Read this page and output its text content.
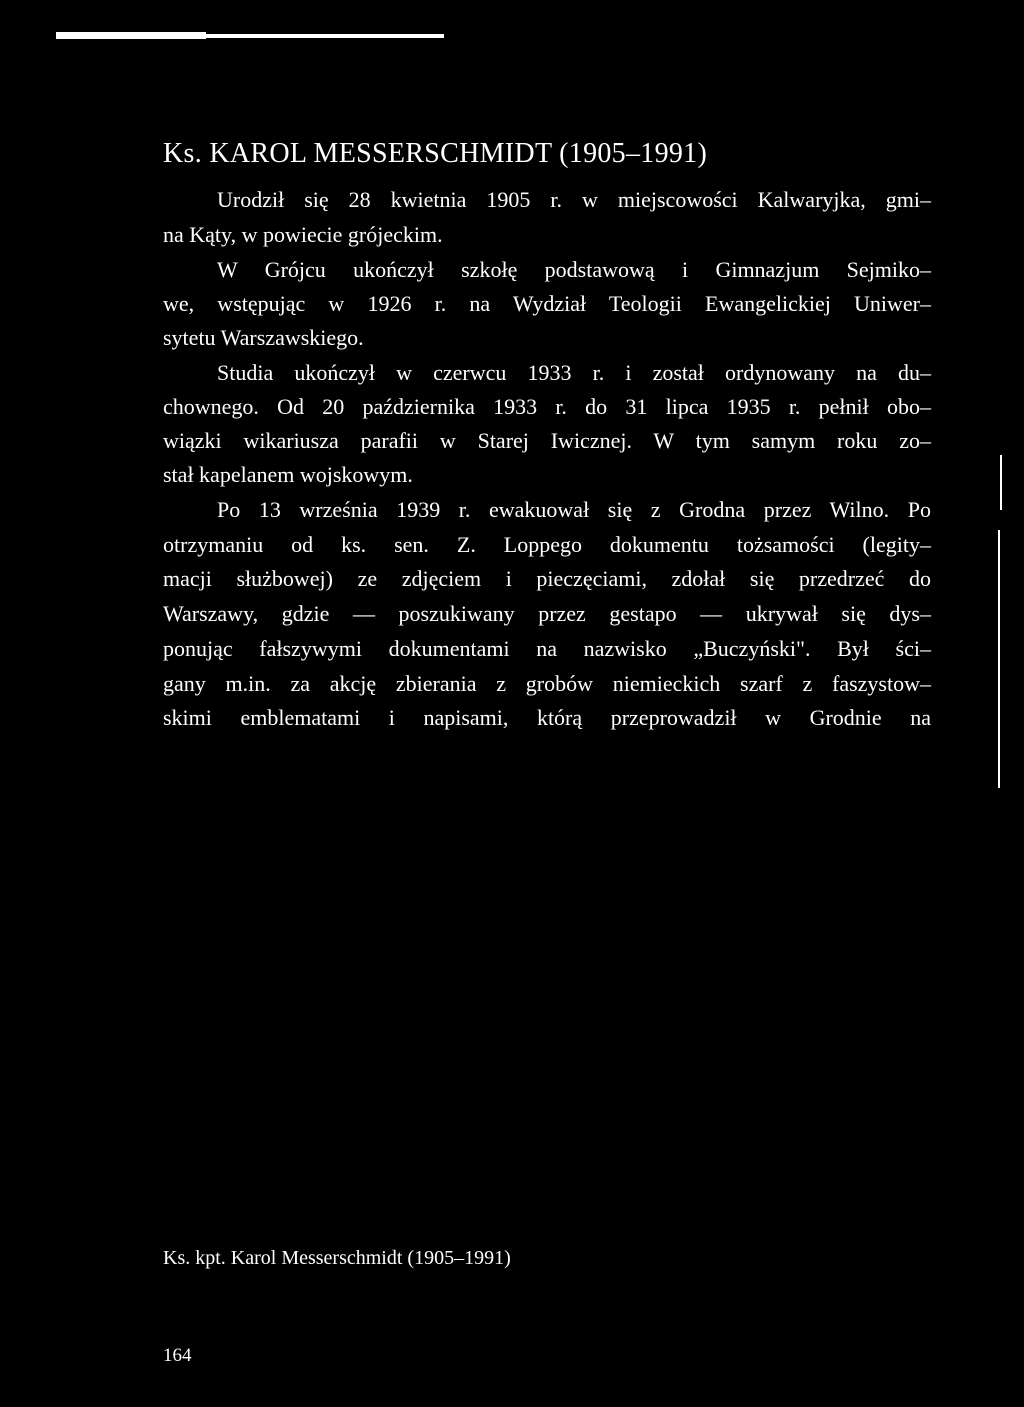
Ks. KAROL MESSERSCHMIDT (1905–1991)

Urodził się 28 kwietnia 1905 r. w miejscowości Kalwaryjka, gmi–

na Kąty, w powiecie grójeckim.

W Grójcu ukończył szkołę podstawową i Gimnazjum Sejmiko–

we, wstępując w 1926 r. na Wydział Teologii Ewangelickiej Uniwer–

sytetu Warszawskiego.

Studia ukończył w czerwcu 1933 r. i został ordynowany na du–

chownego. Od 20 października 1933 r. do 31 lipca 1935 r. pełnił obo–

wiązki wikariusza parafii w Starej Iwicznej. W tym samym roku zo–

stał kapelanem wojskowym.

Po 13 września 1939 r. ewakuował się z Grodna przez Wilno. Po

otrzymaniu od ks. sen. Z. Loppego dokumentu tożsamości (legity–

macji służbowej) ze zdjęciem i pieczęciami, zdołał się przedrzeć do

Warszawy, gdzie — poszukiwany przez gestapo — ukrywał się dys–

ponując fałszywymi dokumentami na nazwisko „Buczyński". Był ści–

gany m.in. za akcję zbierania z grobów niemieckich szarf z faszystow–

skimi emblematami i napisami, którą przeprowadził w Grodnie na

Ks. kpt. Karol Messerschmidt (1905–1991)

164
